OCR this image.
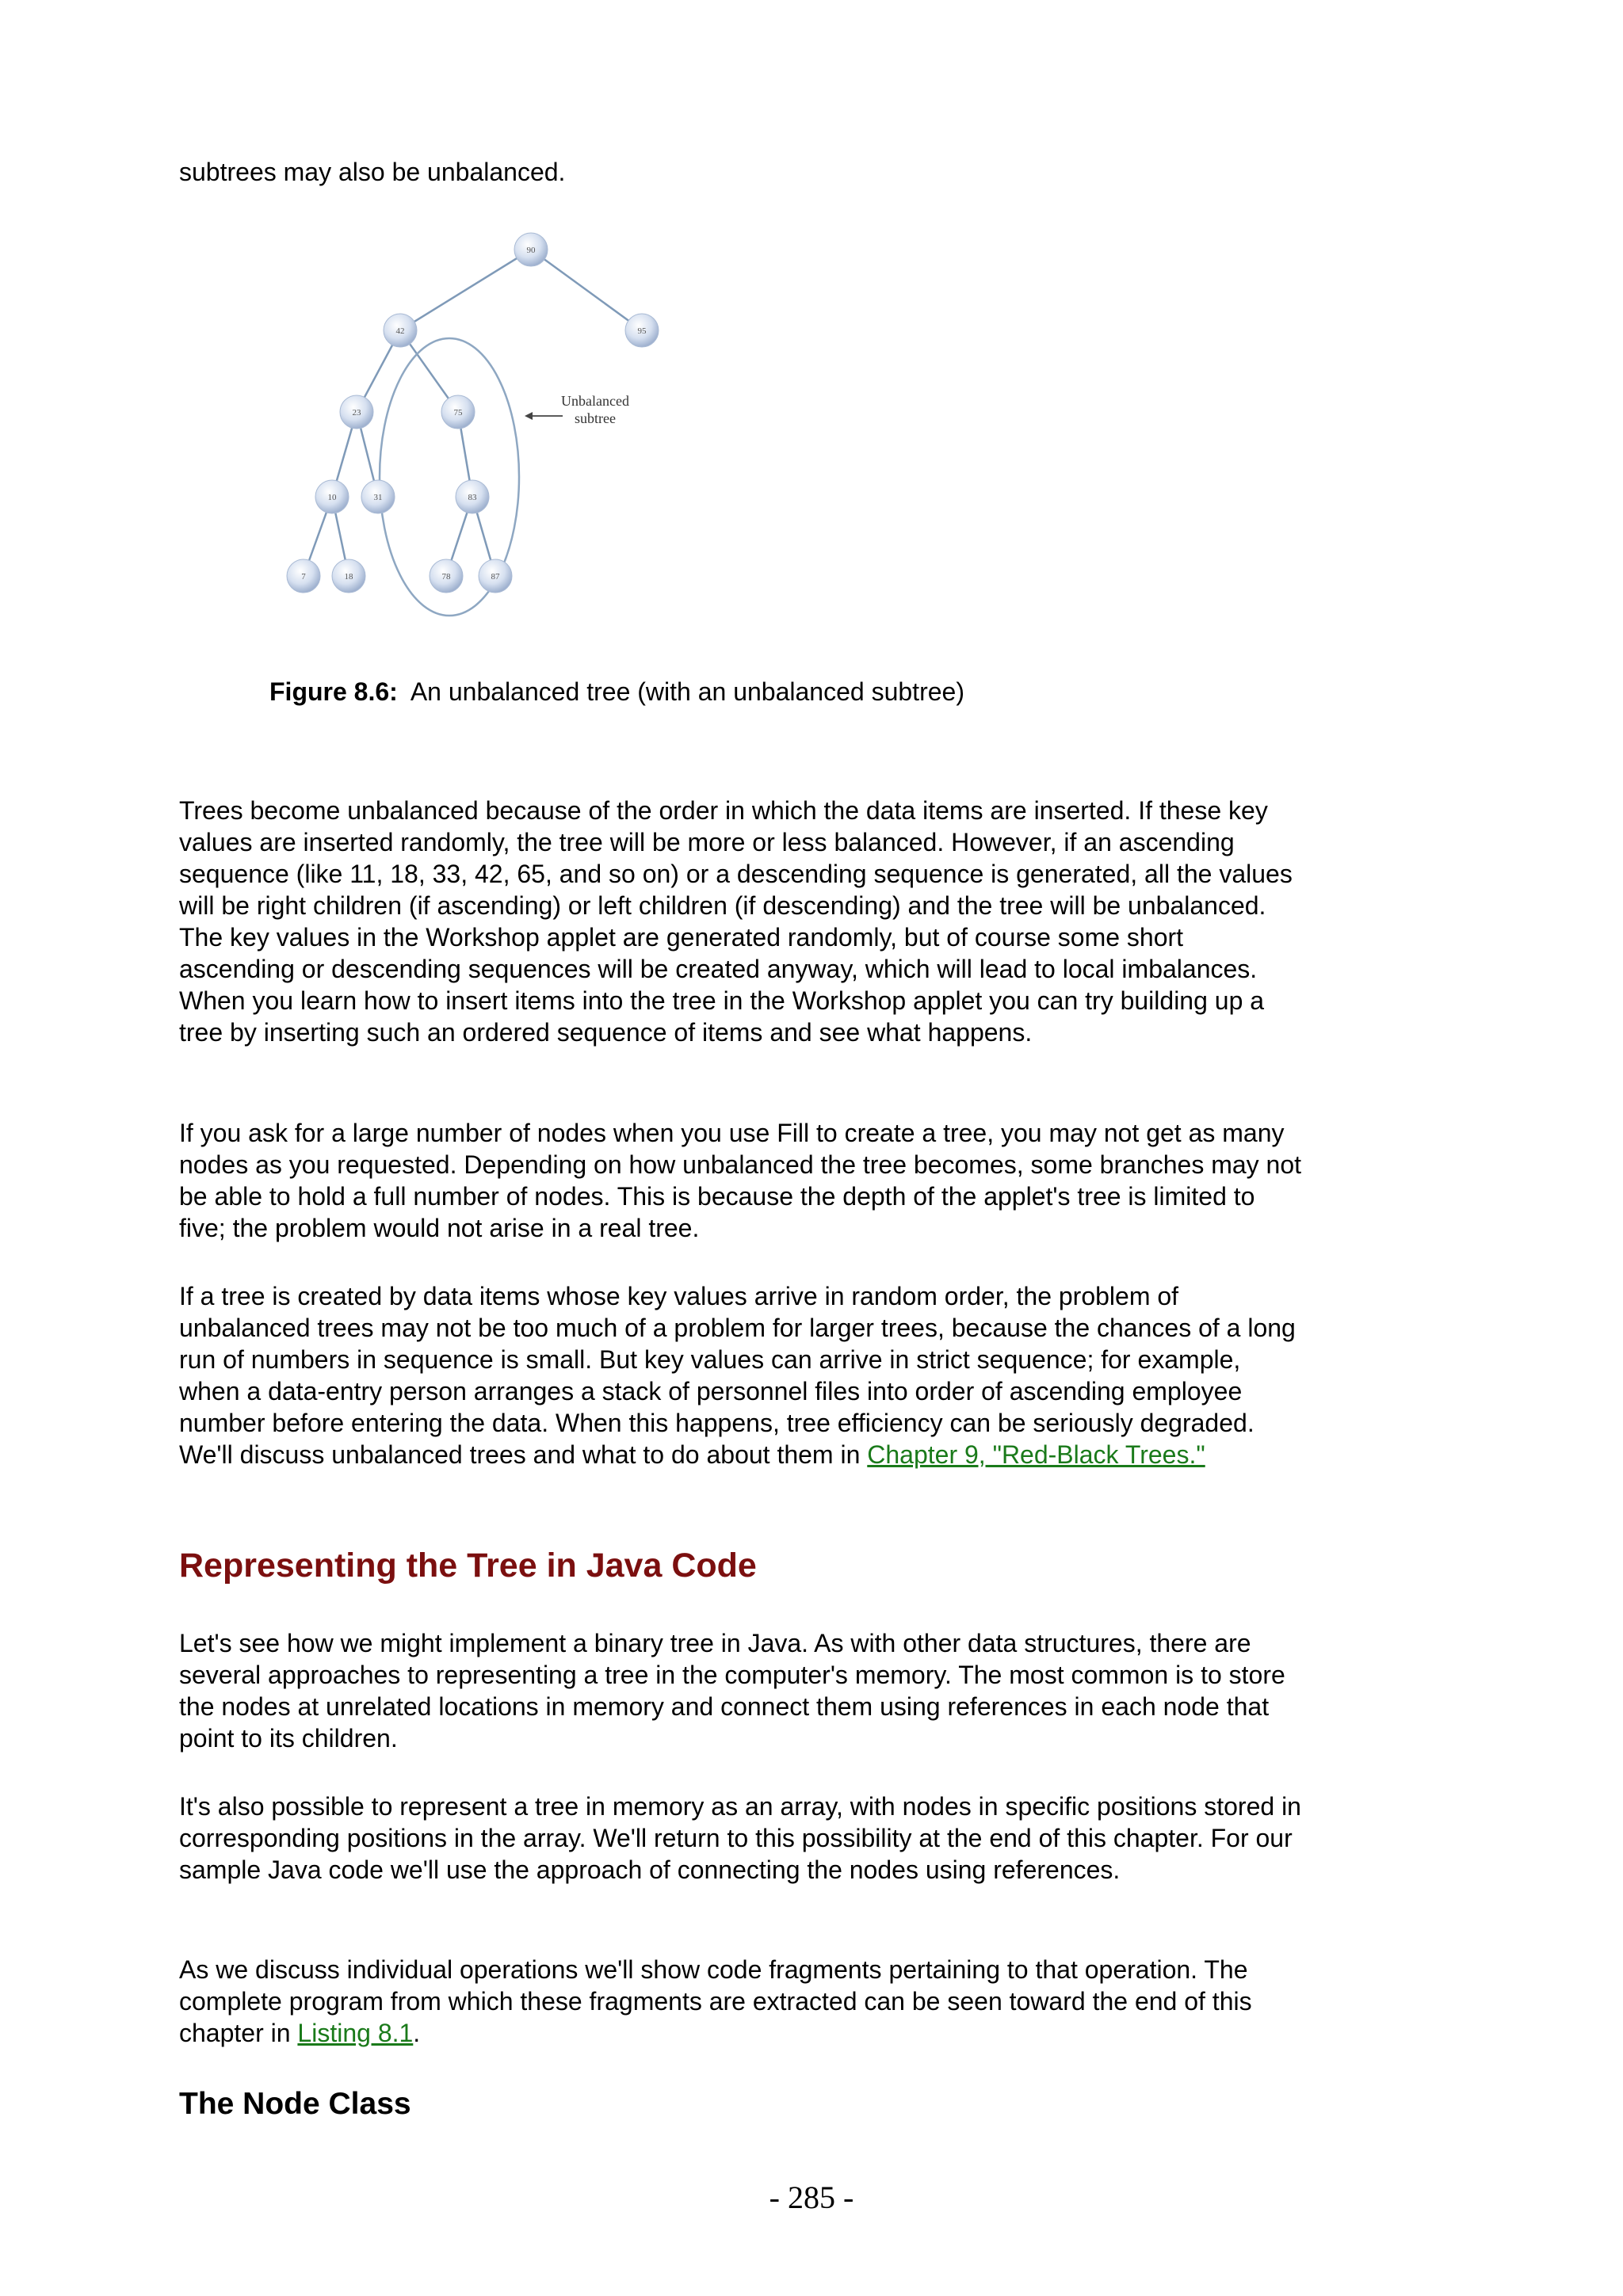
subtrees may also be unbalanced.

Unbalanced
subtree
90
42	95
23	75
10	31	83
7	18	78	87
Figure 8.6: An unbalanced tree (with an unbalanced subtree)

Trees become unbalanced because of the order in which the data items are inserted. If these key values are inserted randomly, the tree will be more or less balanced. However, if an ascending sequence (like 11, 18, 33, 42, 65, and so on) or a descending sequence is generated, all the values will be right children (if ascending) or left children (if descending) and the tree will be unbalanced. The key values in the Workshop applet are generated randomly, but of course some short ascending or descending sequences will be created anyway, which will lead to local imbalances. When you learn how to insert items into the tree in the Workshop applet you can try building up a tree by inserting such an ordered sequence of items and see what happens.

If you ask for a large number of nodes when you use Fill to create a tree, you may not get as many nodes as you requested. Depending on how unbalanced the tree becomes, some branches may not be able to hold a full number of nodes. This is because the depth of the applet's tree is limited to five; the problem would not arise in a real tree.

If a tree is created by data items whose key values arrive in random order, the problem of unbalanced trees may not be too much of a problem for larger trees, because the chances of a long run of numbers in sequence is small. But key values can arrive in strict sequence; for example, when a data-entry person arranges a stack of personnel files into order of ascending employee number before entering the data. When this happens, tree efficiency can be seriously degraded. We'll discuss unbalanced trees and what to do about them in Chapter 9, "Red-Black Trees."

Representing the Tree in Java Code

Let's see how we might implement a binary tree in Java. As with other data structures, there are several approaches to representing a tree in the computer's memory. The most common is to store the nodes at unrelated locations in memory and connect them using references in each node that point to its children.

It's also possible to represent a tree in memory as an array, with nodes in specific positions stored in corresponding positions in the array. We'll return to this possibility at the end of this chapter. For our sample Java code we'll use the approach of connecting the nodes using references.

As we discuss individual operations we'll show code fragments pertaining to that operation. The complete program from which these fragments are extracted can be seen toward the end of this chapter in Listing 8.1.

The Node Class
- 285 -
